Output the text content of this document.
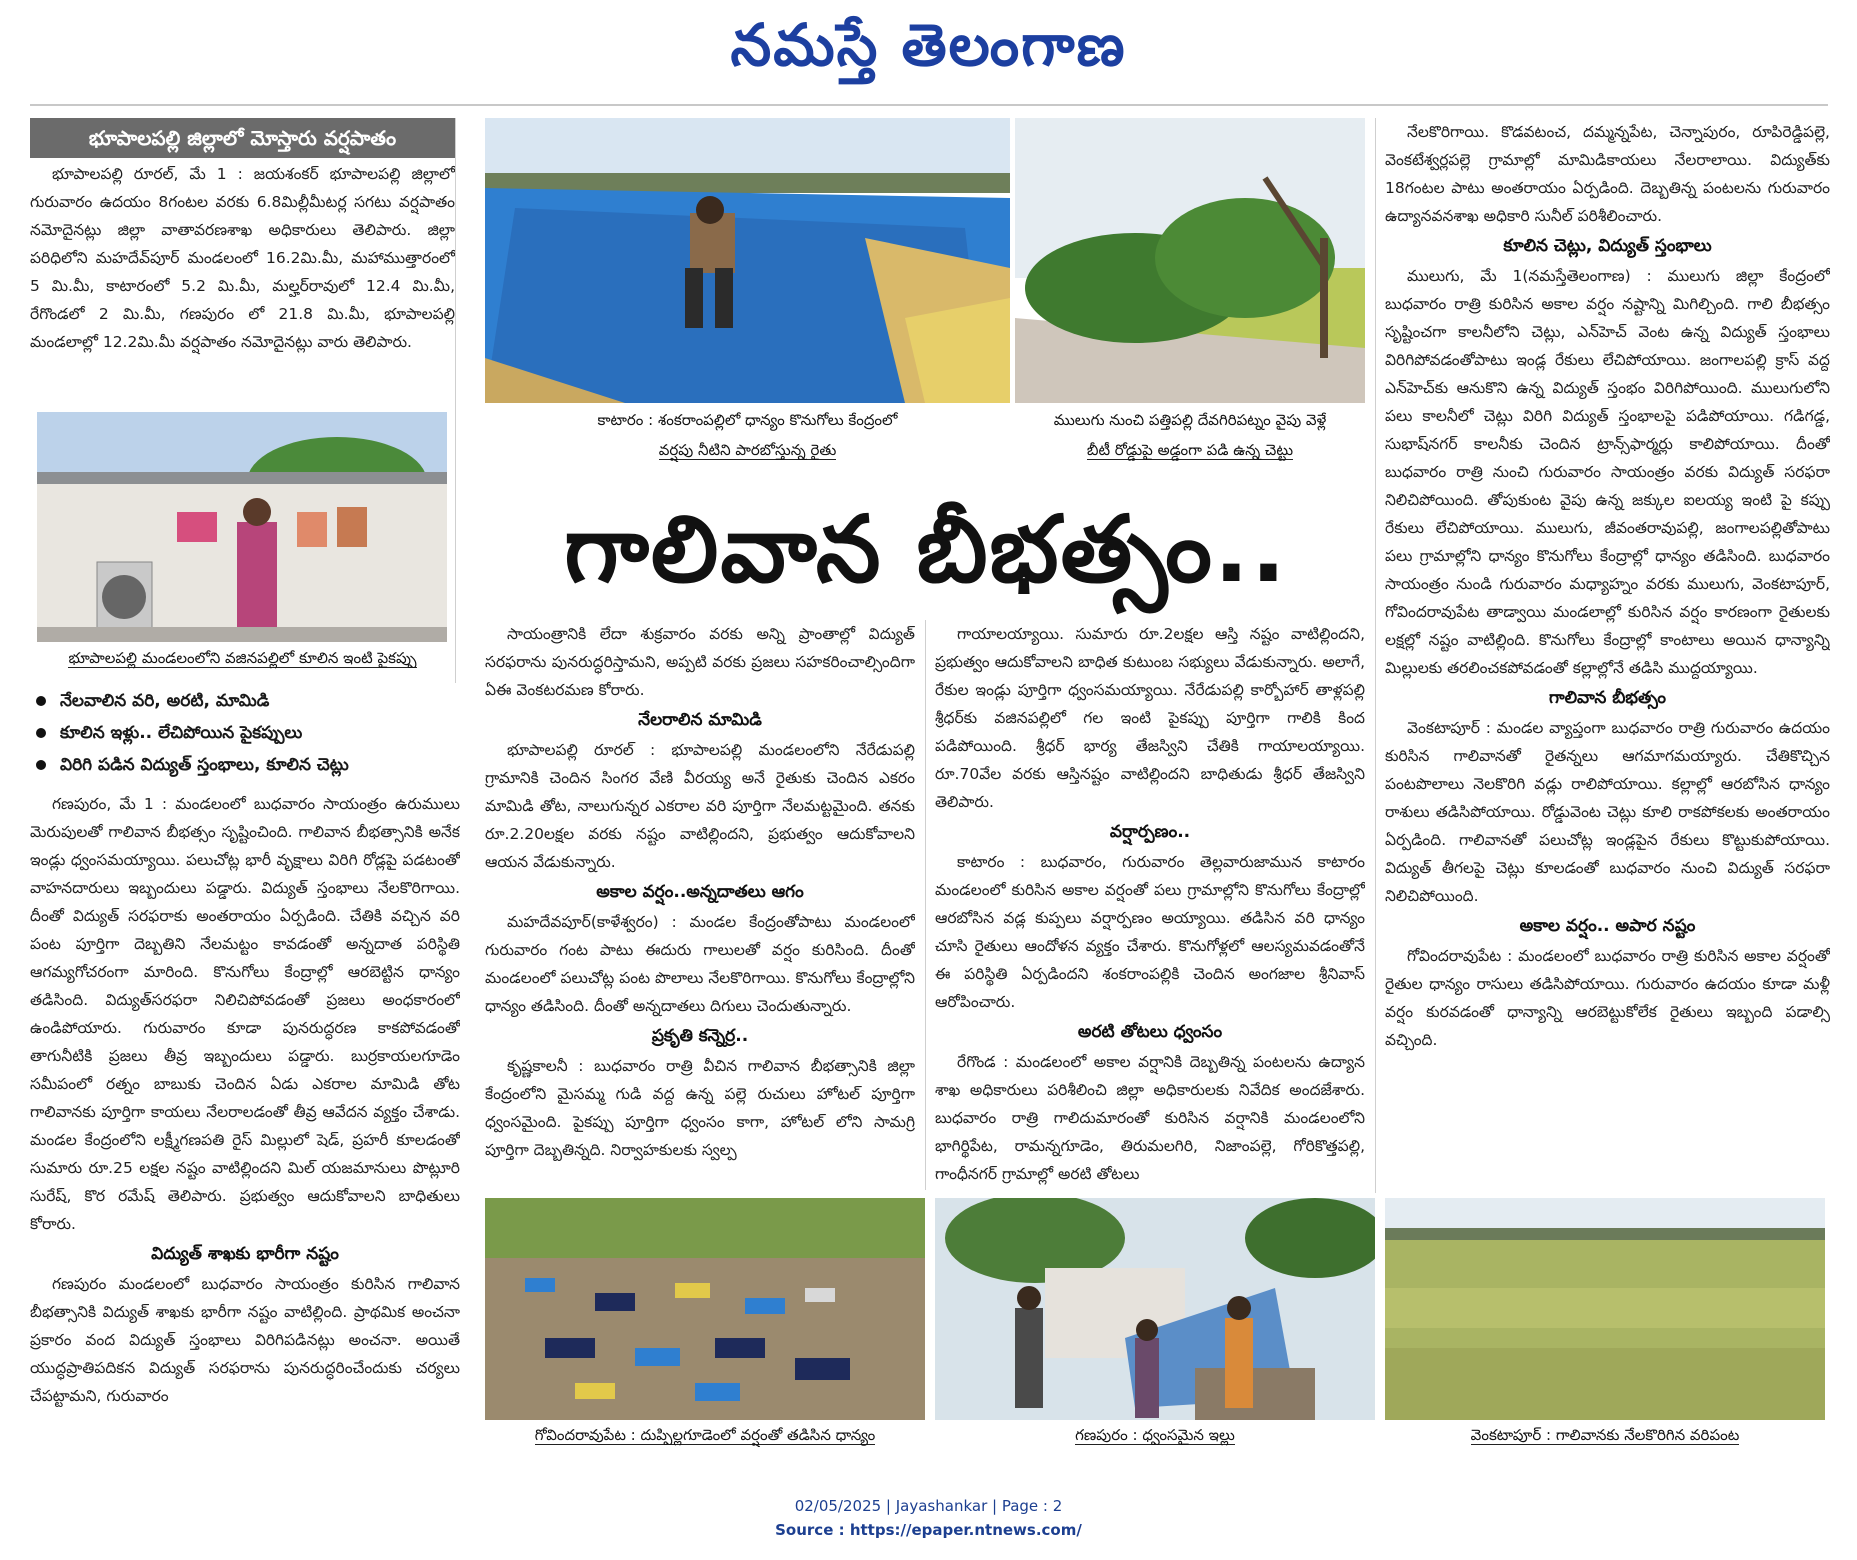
నమస్తే తెలంగాణ
భూపాలపల్లి జిల్లాలో మోస్తారు వర్షపాతం

భూపాలపల్లి రూరల్, మే 1 : జయశంకర్ భూపాలపల్లి జిల్లాలో గురువారం ఉదయం 8గంటల వరకు 6.8మిల్లీమీటర్ల సగటు వర్షపాతం నమోదైనట్లు జిల్లా వాతావరణశాఖ అధికారులు తెలిపారు. జిల్లా పరిధిలోని మహదేవ్‌పూర్ మండలంలో 16.2మి.మీ, మహాముత్తారంలో 5 మి.మీ, కాటారంలో 5.2 మి.మీ, మల్హర్‌రావులో 12.4 మి.మీ, రేగొండలో 2 మి.మీ, గణపురం లో 21.8 మి.మీ, భూపాలపల్లి మండలాల్లో 12.2మి.మీ వర్షపాతం నమోదైనట్లు వారు తెలిపారు.

భూపాలపల్లి మండలంలోని వజినపల్లిలో కూలిన ఇంటి పైకప్పు
నేలవాలిన వరి, అరటి, మామిడి
కూలిన ఇళ్లు.. లేచిపోయిన పైకప్పులు
విరిగి పడిన విద్యుత్ స్తంభాలు, కూలిన చెట్లు

గణపురం, మే 1 : మండలంలో బుధవారం సాయంత్రం ఉరుములు మెరుపులతో గాలివాన బీభత్సం సృష్టించింది. గాలివాన బీభత్సానికి అనేక ఇండ్లు ధ్వంసమయ్యాయి. పలుచోట్ల భారీ వృక్షాలు విరిగి రోడ్లపై పడటంతో వాహనదారులు ఇబ్బందులు పడ్డారు. విద్యుత్ స్తంభాలు నేలకొరిగాయి. దీంతో విద్యుత్ సరఫరాకు అంతరాయం ఏర్పడింది. చేతికి వచ్చిన వరి పంట పూర్తిగా దెబ్బతిని నేలమట్టం కావడంతో అన్నదాత పరిస్థితి ఆగమ్యగోచరంగా మారింది. కొనుగోలు కేంద్రాల్లో ఆరబెట్టిన ధాన్యం తడిసింది. విద్యుత్‌సరఫరా నిలిచిపోవడంతో ప్రజలు అంధకారంలో ఉండిపోయారు. గురువారం కూడా పునరుద్ధరణ కాకపోవడంతో తాగునీటికి ప్రజలు తీవ్ర ఇబ్బందులు పడ్డారు. బుర్రకాయలగూడెం సమీపంలో రత్నం బాబుకు చెందిన ఏడు ఎకరాల మామిడి తోట గాలివానకు పూర్తిగా కాయలు నేలరాలడంతో తీవ్ర ఆవేదన వ్యక్తం చేశాడు. మండల కేంద్రంలోని లక్ష్మీగణపతి రైస్ మిల్లులో షెడ్, ప్రహరీ కూలడంతో సుమారు రూ.25 లక్షల నష్టం వాటిల్లిందని మిల్ యజమానులు పొట్లూరి సురేష్, కొర రమేష్ తెలిపారు. ప్రభుత్వం ఆదుకోవాలని బాధితులు కోరారు.

విద్యుత్ శాఖకు భారీగా నష్టం

గణపురం మండలంలో బుధవారం సాయంత్రం కురిసిన గాలివాన బీభత్సానికి విద్యుత్ శాఖకు భారీగా నష్టం వాటిల్లింది. ప్రాథమిక అంచనా ప్రకారం వంద విద్యుత్ స్తంభాలు విరిగిపడినట్లు అంచనా. అయితే యుద్ధప్రాతిపదికన విద్యుత్ సరఫరాను పునరుద్ధరించేందుకు చర్యలు చేపట్టామని, గురువారం

కాటారం : శంకరాంపల్లిలో ధాన్యం కొనుగోలు కేంద్రంలో
వర్షపు నీటిని పారబోస్తున్న రైతు
ములుగు నుంచి పత్తిపల్లి దేవగిరిపట్నం వైపు వెళ్లే
బీటీ రోడ్డుపై అడ్డంగా పడి ఉన్న చెట్టు
గాలివాన బీభత్సం..

సాయంత్రానికి లేదా శుక్రవారం వరకు అన్ని ప్రాంతాల్లో విద్యుత్ సరఫరాను పునరుద్ధరిస్తామని, అప్పటి వరకు ప్రజలు సహకరించాల్సిందిగా ఏఈ వెంకటరమణ కోరారు.

నేలరాలిన మామిడి

భూపాలపల్లి రూరల్ : భూపాలపల్లి మండలంలోని నేరేడుపల్లి గ్రామానికి చెందిన సింగర వేణి వీరయ్య అనే రైతుకు చెందిన ఎకరం మామిడి తోట, నాలుగున్నర ఎకరాల వరి పూర్తిగా నేలమట్టమైంది. తనకు రూ.2.20లక్షల వరకు నష్టం వాటిల్లిందని, ప్రభుత్వం ఆదుకోవాలని ఆయన వేడుకున్నారు.

అకాల వర్షం..అన్నదాతలు ఆగం

మహదేవపూర్(కాళేశ్వరం) : మండల కేంద్రంతోపాటు మండలంలో గురువారం గంట పాటు ఈదురు గాలులతో వర్షం కురిసింది. దీంతో మండలంలో పలుచోట్ల పంట పొలాలు నేలకొరిగాయి. కొనుగోలు కేంద్రాల్లోని ధాన్యం తడిసింది. దీంతో అన్నదాతలు దిగులు చెందుతున్నారు.

ప్రకృతి కన్నెర్ర..

కృష్ణకాలనీ : బుధవారం రాత్రి వీచిన గాలివాన బీభత్సానికి జిల్లా కేంద్రంలోని మైసమ్మ గుడి వద్ద ఉన్న పల్లె రుచులు హోటల్ పూర్తిగా ధ్వంసమైంది. పైకప్పు పూర్తిగా ధ్వంసం కాగా, హోటల్ లోని సామగ్రి పూర్తిగా దెబ్బతిన్నది. నిర్వాహకులకు స్వల్ప

గాయాలయ్యాయి. సుమారు రూ.2లక్షల ఆస్తి నష్టం వాటిల్లిందని, ప్రభుత్వం ఆదుకోవాలని బాధిత కుటుంబ సభ్యులు వేడుకున్నారు. అలాగే, రేకుల ఇండ్లు పూర్తిగా ధ్వంసమయ్యాయి. నేరేడుపల్లి కార్బోహార్ తాళ్లపల్లి శ్రీధర్‌కు వజినపల్లిలో గల ఇంటి పైకప్పు పూర్తిగా గాలికి కింద పడిపోయింది. శ్రీధర్ భార్య తేజస్విని చేతికి గాయాలయ్యాయి. రూ.70వేల వరకు ఆస్తినష్టం వాటిల్లిందని బాధితుడు శ్రీధర్ తేజస్విని తెలిపారు.

వర్షార్పణం..

కాటారం : బుధవారం, గురువారం తెల్లవారుజామున కాటారం మండలంలో కురిసిన అకాల వర్షంతో పలు గ్రామాల్లోని కొనుగోలు కేంద్రాల్లో ఆరబోసిన వడ్ల కుప్పలు వర్షార్పణం అయ్యాయి. తడిసిన వరి ధాన్యం చూసి రైతులు ఆందోళన వ్యక్తం చేశారు. కొనుగోళ్లలో ఆలస్యమవడంతోనే ఈ పరిస్థితి ఏర్పడిందని శంకరాంపల్లికి చెందిన అంగజాల శ్రీనివాస్ ఆరోపించారు.

అరటి తోటలు ధ్వంసం

రేగొండ : మండలంలో అకాల వర్షానికి దెబ్బతిన్న పంటలను ఉద్యాన శాఖ అధికారులు పరిశీలించి జిల్లా అధికారులకు నివేదిక అందజేశారు. బుధవారం రాత్రి గాలిదుమారంతో కురిసిన వర్షానికి మండలంలోని భాగిర్థిపేట, రామన్నగూడెం, తిరుమలగిరి, నిజాంపల్లె, గోరికొత్తపల్లి, గాంధీనగర్ గ్రామాల్లో అరటి తోటలు

నేలకొరిగాయి. కొడవటంచ, దమ్మన్నపేట, చెన్నాపురం, రూపిరెడ్డిపల్లె, వెంకటేశ్వర్లపల్లె గ్రామాల్లో మామిడికాయలు నేలరాలాయి. విద్యుత్‌కు 18గంటల పాటు అంతరాయం ఏర్పడింది. దెబ్బతిన్న పంటలను గురువారం ఉద్యానవనశాఖ అధికారి సునీల్ పరిశీలించారు.

కూలిన చెట్లు, విద్యుత్ స్తంభాలు

ములుగు, మే 1(నమస్తేతెలంగాణ) : ములుగు జిల్లా కేంద్రంలో బుధవారం రాత్రి కురిసిన అకాల వర్షం నష్టాన్ని మిగిల్చింది. గాలి బీభత్సం సృష్టించగా కాలనీలోని చెట్లు, ఎన్‌హెచ్ వెంట ఉన్న విద్యుత్ స్తంభాలు విరిగిపోవడంతోపాటు ఇండ్ల రేకులు లేచిపోయాయి. జంగాలపల్లి క్రాస్ వద్ద ఎన్‌హెచ్‌కు ఆనుకొని ఉన్న విద్యుత్ స్తంభం విరిగిపోయింది. ములుగులోని పలు కాలనీలో చెట్లు విరిగి విద్యుత్ స్తంభాలపై పడిపోయాయి. గడిగడ్డ, సుభాష్‌నగర్ కాలనీకు చెందిన ట్రాన్స్‌ఫార్మర్లు కాలిపోయాయి. దీంతో బుధవారం రాత్రి నుంచి గురువారం సాయంత్రం వరకు విద్యుత్ సరఫరా నిలిచిపోయింది. తోపుకుంట వైపు ఉన్న జక్కుల ఐలయ్య ఇంటి పై కప్పు రేకులు లేచిపోయాయి. ములుగు, జీవంతరావుపల్లి, జంగాలపల్లితోపాటు పలు గ్రామాల్లోని ధాన్యం కొనుగోలు కేంద్రాల్లో ధాన్యం తడిసింది. బుధవారం సాయంత్రం నుండి గురువారం మధ్యాహ్నం వరకు ములుగు, వెంకటాపూర్, గోవిందరావుపేట తాడ్వాయి మండలాల్లో కురిసిన వర్షం కారణంగా రైతులకు లక్షల్లో నష్టం వాటిల్లింది. కొనుగోలు కేంద్రాల్లో కాంటాలు అయిన ధాన్యాన్ని మిల్లులకు తరలించకపోవడంతో కల్లాల్లోనే తడిసి ముద్దయ్యాయి.

గాలివాన బీభత్సం

వెంకటాపూర్ : మండల వ్యాప్తంగా బుధవారం రాత్రి గురువారం ఉదయం కురిసిన గాలివానతో రైతన్నలు ఆగమాగమయ్యారు. చేతికొచ్చిన పంటపొలాలు నెలకొరిగి వడ్లు రాలిపోయాయి. కల్లాల్లో ఆరబోసిన ధాన్యం రాశులు తడిసిపోయాయి. రోడ్డువెంట చెట్లు కూలి రాకపోకలకు అంతరాయం ఏర్పడింది. గాలివానతో పలుచోట్ల ఇండ్లపైన రేకులు కొట్టుకుపోయాయి. విద్యుత్ తీగలపై చెట్లు కూలడంతో బుధవారం నుంచి విద్యుత్ సరఫరా నిలిచిపోయింది.

అకాల వర్షం.. అపార నష్టం

గోవిందరావుపేట : మండలంలో బుధవారం రాత్రి కురిసిన అకాల వర్షంతో రైతుల ధాన్యం రాసులు తడిసిపోయాయి. గురువారం ఉదయం కూడా మళ్లీ వర్షం కురవడంతో ధాన్యాన్ని ఆరబెట్టుకోలేక రైతులు ఇబ్బంది పడాల్సి వచ్చింది.

గోవిందరావుపేట : దుప్పిల్లగూడెంలో వర్షంతో తడిసిన ధాన్యం	గణపురం : ధ్వంసమైన ఇల్లు	వెంకటాపూర్ : గాలివానకు నేలకొరిగిన వరిపంట
02/05/2025 | Jayashankar | Page : 2
Source : https://epaper.ntnews.com/
